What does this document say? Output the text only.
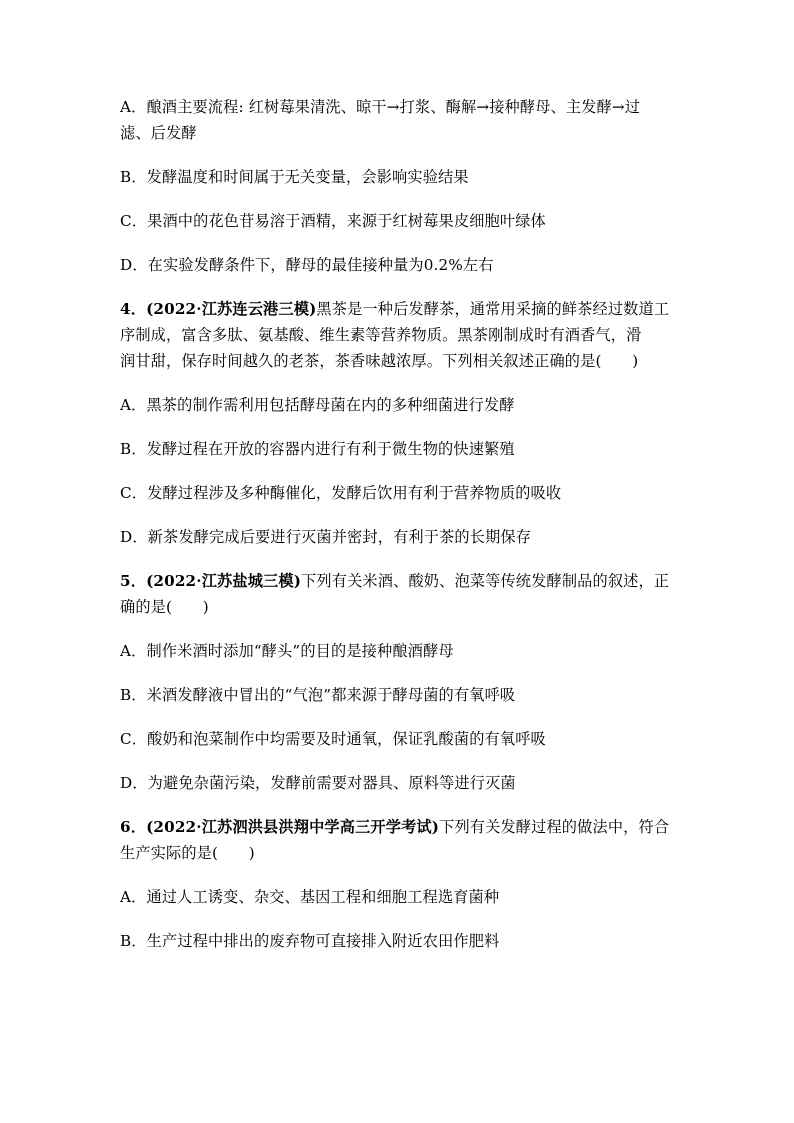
A．酿酒主要流程: 红树莓果清洗、晾干→打浆、酶解→接种酵母、主发酵→过
滤、后发酵
B．发酵温度和时间属于无关变量，会影响实验结果
C．果酒中的花色苷易溶于酒精，来源于红树莓果皮细胞叶绿体
D．在实验发酵条件下，酵母的最佳接种量为0.2%左右
4．(2022·江苏连云港三模)黑茶是一种后发酵茶，通常用采摘的鲜茶经过数道工
序制成，富含多肽、氨基酸、维生素等营养物质。黑茶刚制成时有酒香气，滑
润甘甜，保存时间越久的老茶，茶香味越浓厚。下列相关叙述正确的是(　　)
A．黑茶的制作需利用包括酵母菌在内的多种细菌进行发酵
B．发酵过程在开放的容器内进行有利于微生物的快速繁殖
C．发酵过程涉及多种酶催化，发酵后饮用有利于营养物质的吸收
D．新茶发酵完成后要进行灭菌并密封，有利于茶的长期保存
5．(2022·江苏盐城三模)下列有关米酒、酸奶、泡菜等传统发酵制品的叙述，正
确的是(　　)
A．制作米酒时添加“酵头”的目的是接种酿酒酵母
B．米酒发酵液中冒出的“气泡”都来源于酵母菌的有氧呼吸
C．酸奶和泡菜制作中均需要及时通氧，保证乳酸菌的有氧呼吸
D．为避免杂菌污染，发酵前需要对器具、原料等进行灭菌
6．(2022·江苏泗洪县洪翔中学高三开学考试)下列有关发酵过程的做法中，符合
生产实际的是(　　)
A．通过人工诱变、杂交、基因工程和细胞工程选育菌种
B．生产过程中排出的废弃物可直接排入附近农田作肥料
